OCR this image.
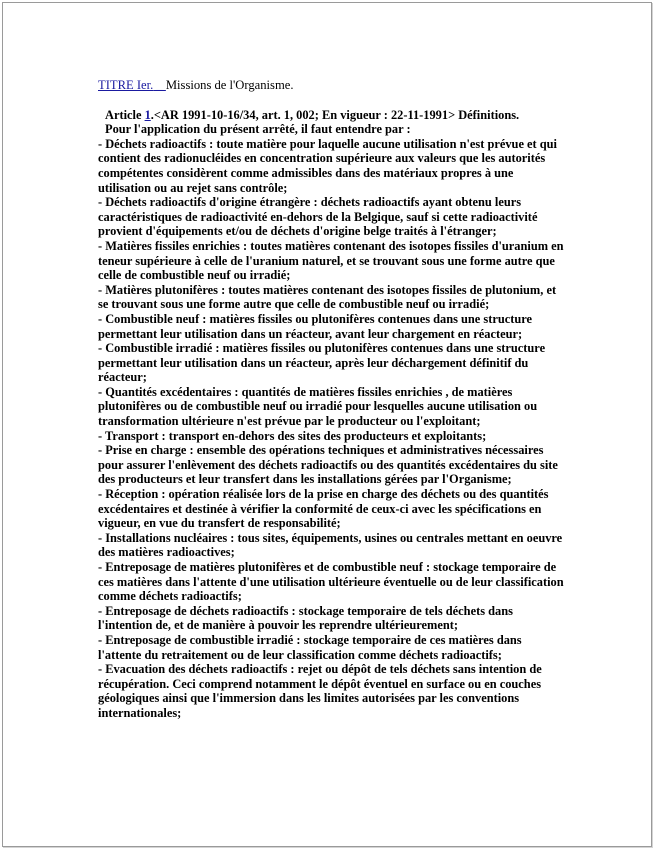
TITRE Ier. _ Missions de l'Organisme.
Article 1.<AR 1991-10-16/34, art. 1, 002; En vigueur : 22-11-1991> Définitions.
Pour l'application du présent arrêté, il faut entendre par :

- Déchets radioactifs : toute matière pour laquelle aucune utilisation n'est prévue et qui contient des radionucléides en concentration supérieure aux valeurs que les autorités compétentes considèrent comme admissibles dans des matériaux propres à une utilisation ou au rejet sans contrôle;

- Déchets radioactifs d'origine étrangère : déchets radioactifs ayant obtenu leurs caractéristiques de radioactivité en-dehors de la Belgique, sauf si cette radioactivité provient d'équipements et/ou de déchets d'origine belge traités à l'étranger;

- Matières fissiles enrichies : toutes matières contenant des isotopes fissiles d'uranium en teneur supérieure à celle de l'uranium naturel, et se trouvant sous une forme autre que celle de combustible neuf ou irradié;

- Matières plutonifères : toutes matières contenant des isotopes fissiles de plutonium, et se trouvant sous une forme autre que celle de combustible neuf ou irradié;

- Combustible neuf : matières fissiles ou plutonifères contenues dans une structure permettant leur utilisation dans un réacteur, avant leur chargement en réacteur;

- Combustible irradié : matières fissiles ou plutonifères contenues dans une structure permettant leur utilisation dans un réacteur, après leur déchargement définitif du réacteur;

- Quantités excédentaires : quantités de matières fissiles enrichies , de matières plutonifères ou de combustible neuf ou irradié pour lesquelles aucune utilisation ou transformation ultérieure n'est prévue par le producteur ou l'exploitant;

- Transport : transport en-dehors des sites des producteurs et exploitants;

- Prise en charge : ensemble des opérations techniques et administratives nécessaires pour assurer l'enlèvement des déchets radioactifs ou des quantités excédentaires du site des producteurs et leur transfert dans les installations gérées par l'Organisme;

- Réception : opération réalisée lors de la prise en charge des déchets ou des quantités excédentaires et destinée à vérifier la conformité de ceux-ci avec les spécifications en vigueur, en vue du transfert de responsabilité;

- Installations nucléaires : tous sites, équipements, usines ou centrales mettant en oeuvre des matières radioactives;

- Entreposage de matières plutonifères et de combustible neuf : stockage temporaire de ces matières dans l'attente d'une utilisation ultérieure éventuelle ou de leur classification comme déchets radioactifs;

- Entreposage de déchets radioactifs : stockage temporaire de tels déchets dans l'intention de, et de manière à pouvoir les reprendre ultérieurement;

- Entreposage de combustible irradié : stockage temporaire de ces matières dans l'attente du retraitement ou de leur classification comme déchets radioactifs;

- Evacuation des déchets radioactifs : rejet ou dépôt de tels déchets sans intention de récupération. Ceci comprend notamment le dépôt éventuel en surface ou en couches géologiques ainsi que l'immersion dans les limites autorisées par les conventions internationales;
